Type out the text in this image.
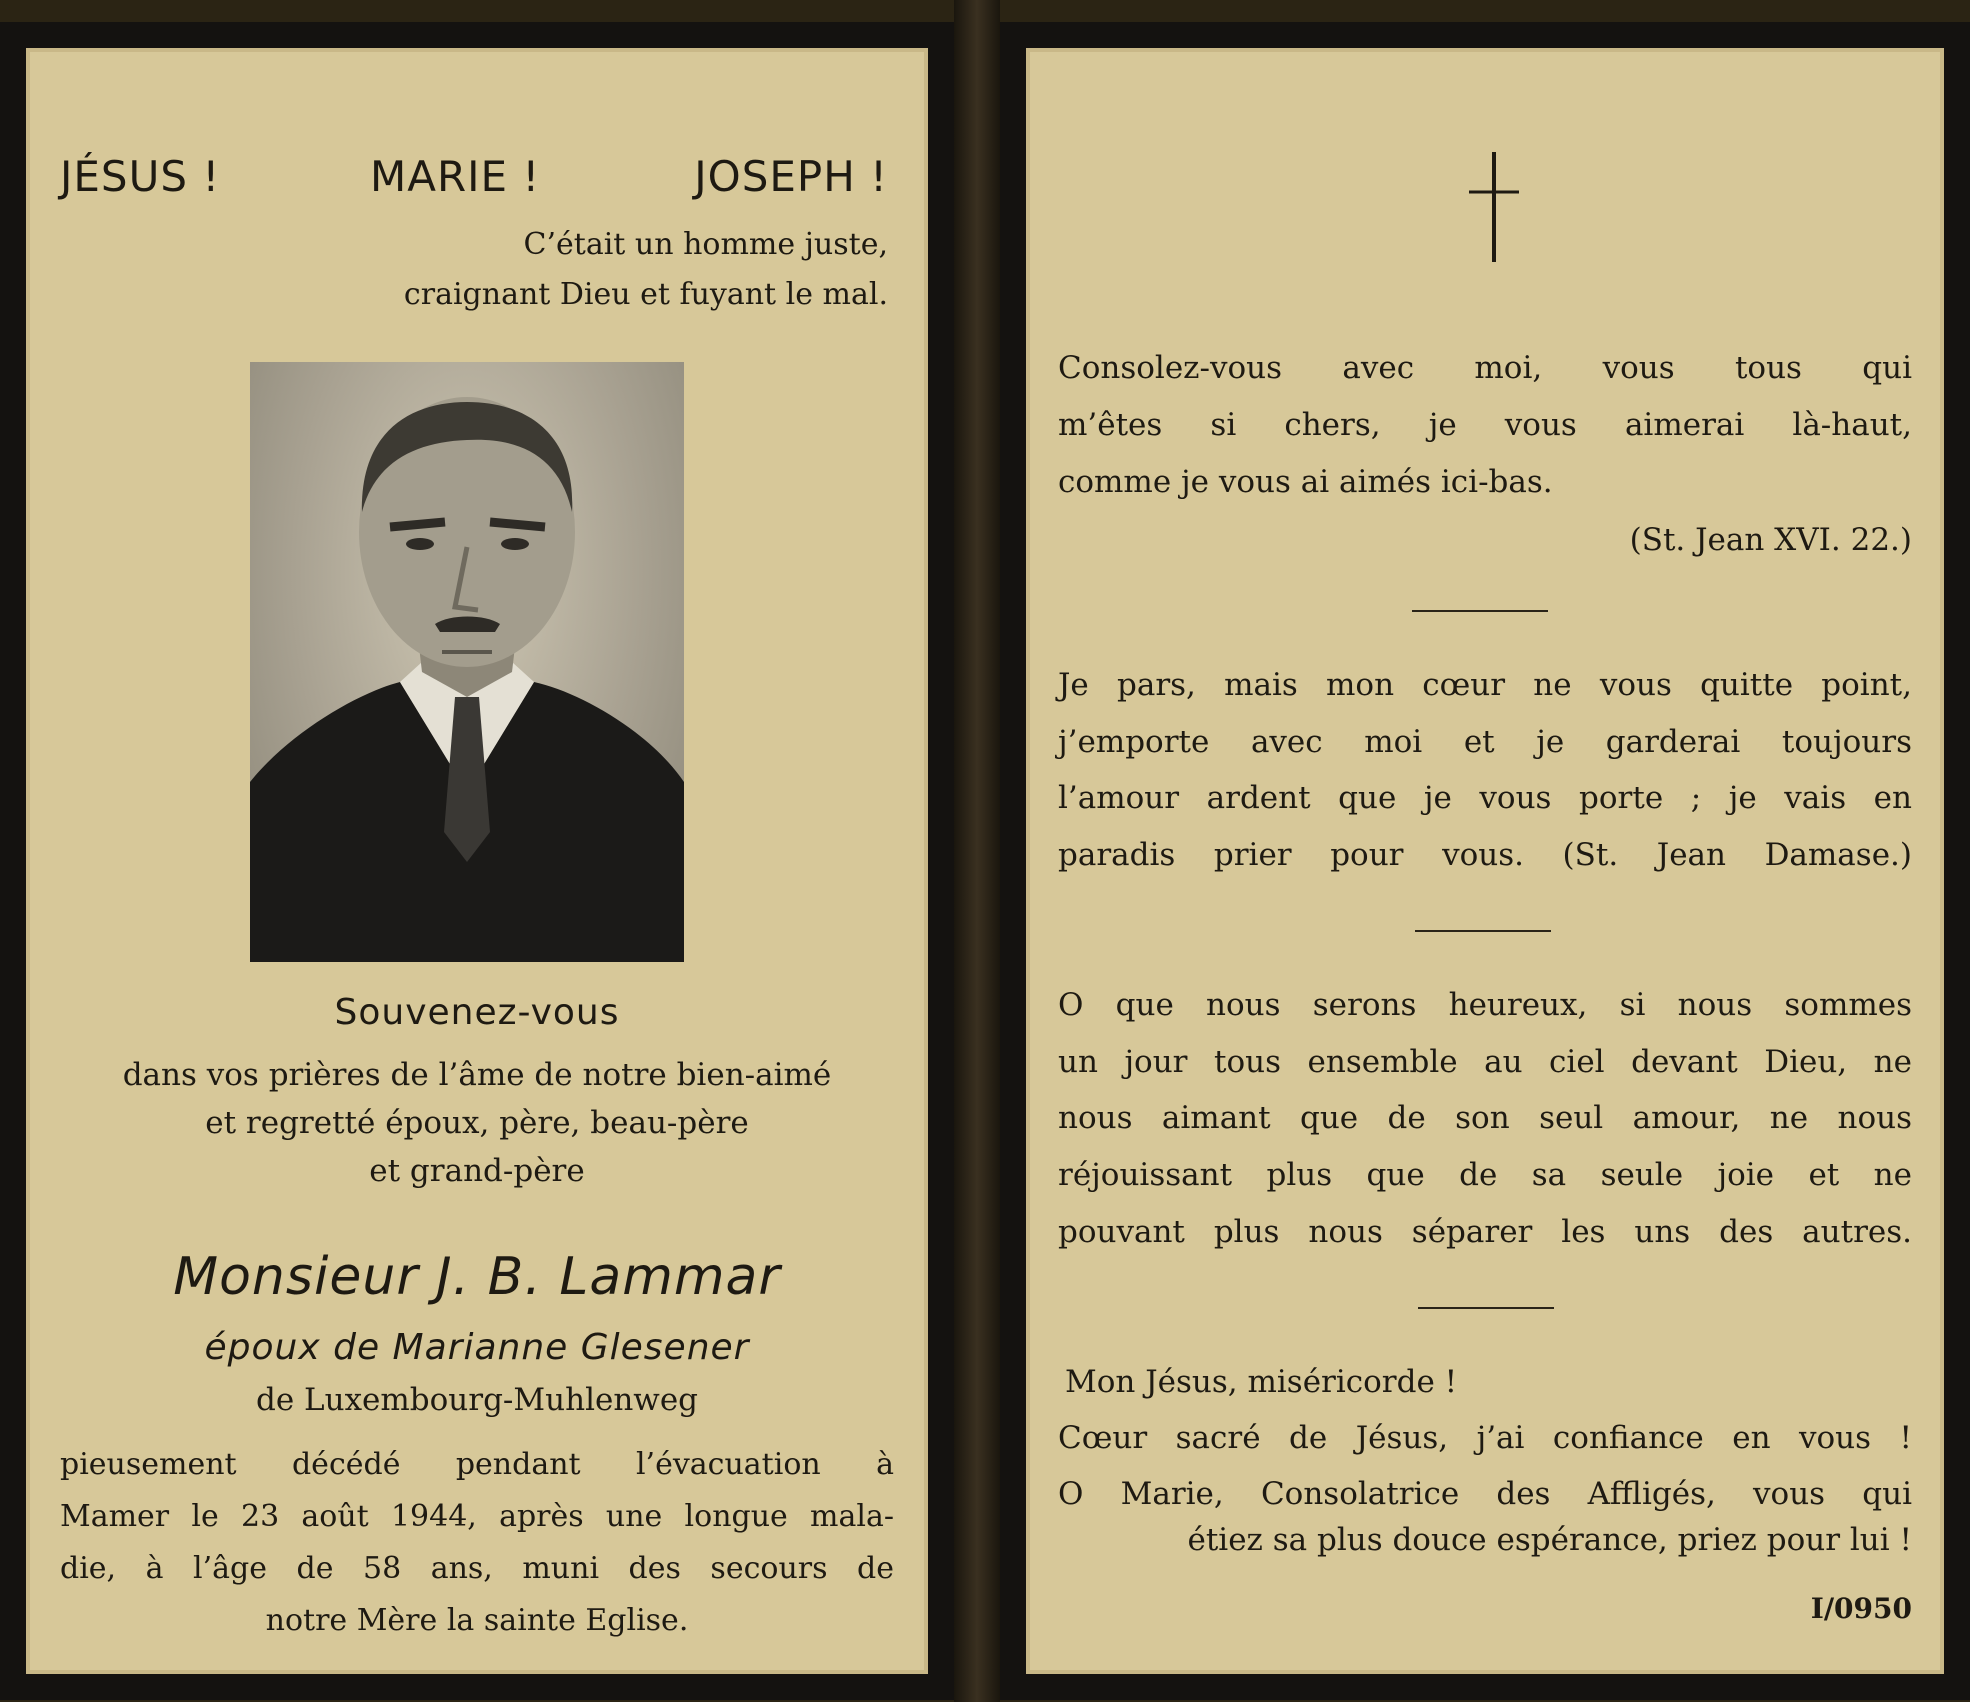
JÉSUS !	MARIE !	JOSEPH !
C’était un homme juste,
craignant Dieu et fuyant le mal.
Souvenez-vous
dans vos prières de l’âme de notre bien-aimé
et regretté époux, père, beau-père
et grand-père
Monsieur J. B. Lammar
époux de Marianne Glesener
de Luxembourg-Muhlenweg
pieusement décédé pendant l’évacuation à
Mamer le 23 août 1944, après une longue mala-
die, à l’âge de 58 ans, muni des secours de
notre Mère la sainte Eglise.
Consolez-vous avec moi, vous tous qui
m’êtes si chers, je vous aimerai là-haut,
comme je vous ai aimés ici-bas.
(St. Jean XVI. 22.)
Je pars, mais mon cœur ne vous quitte point,
j’emporte avec moi et je garderai toujours
l’amour ardent que je vous porte ; je vais en
paradis prier pour vous. (St. Jean Damase.)
O que nous serons heureux, si nous sommes
un jour tous ensemble au ciel devant Dieu, ne
nous aimant que de son seul amour, ne nous
réjouissant plus que de sa seule joie et ne
pouvant plus nous séparer les uns des autres.
Mon Jésus, miséricorde !
Cœur sacré de Jésus, j’ai confiance en vous !
O Marie, Consolatrice des Affligés, vous qui
étiez sa plus douce espérance, priez pour lui !
I/0950
